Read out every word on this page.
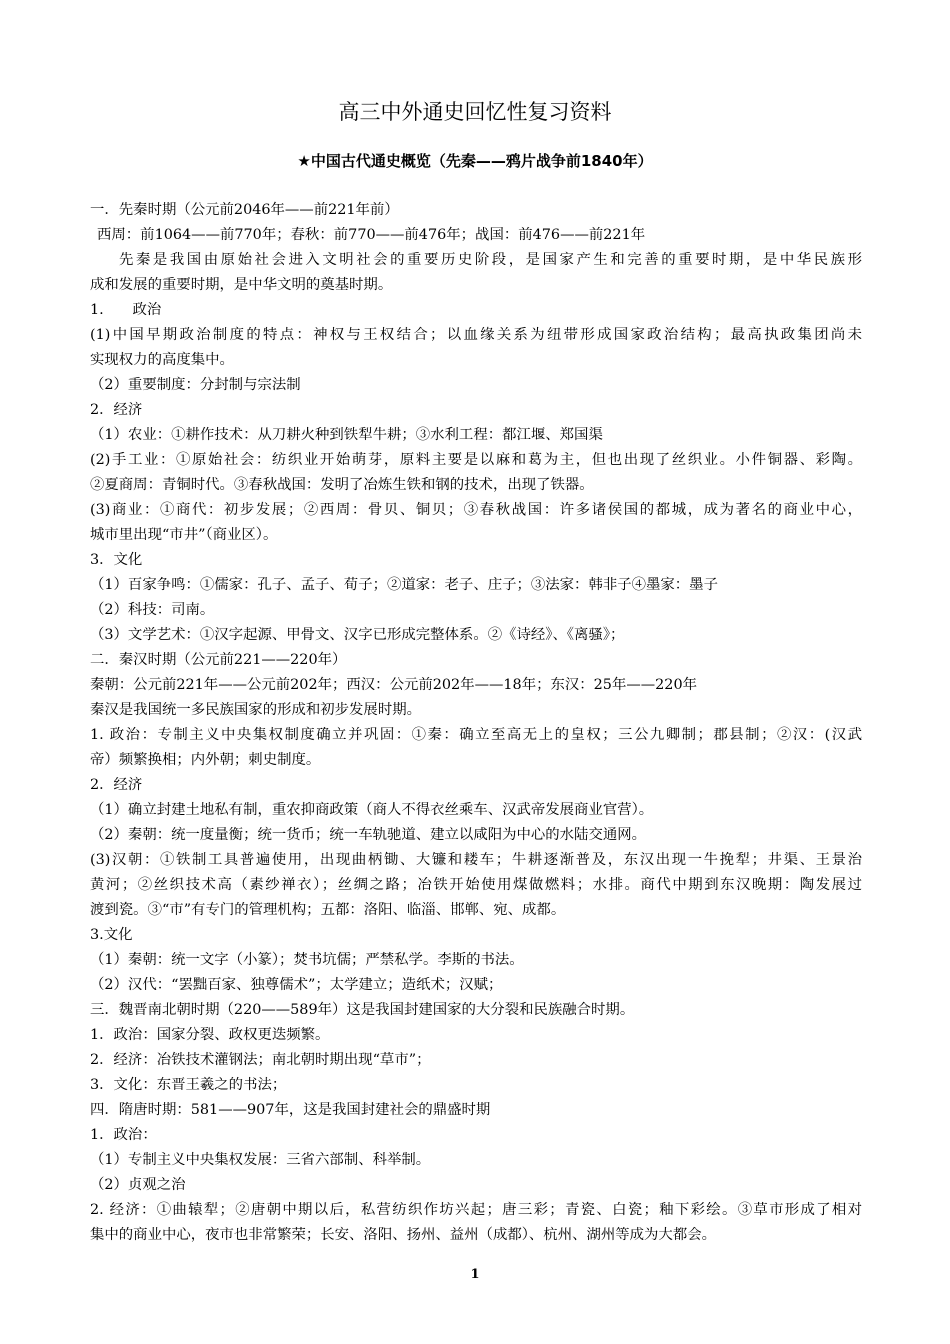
高三中外通史回忆性复习资料
★中国古代通史概览（先秦——鸦片战争前1840年）
一．先秦时期（公元前2046年——前221年前）
西周：前1064——前770年；春秋：前770——前476年；战国：前476——前221年
先秦是我国由原始社会进入文明社会的重要历史阶段，是国家产生和完善的重要时期，是中华民族形
成和发展的重要时期，是中华文明的奠基时期。
1.　　政治
(1)中国早期政治制度的特点：神权与王权结合；以血缘关系为纽带形成国家政治结构；最高执政集团尚未
实现权力的高度集中。
（2）重要制度：分封制与宗法制
2．经济
（1）农业：①耕作技术：从刀耕火种到铁犁牛耕；③水利工程：都江堰、郑国渠
(2)手工业：①原始社会：纺织业开始萌芽，原料主要是以麻和葛为主，但也出现了丝织业。小件铜器、彩陶。
②夏商周：青铜时代。③春秋战国：发明了冶炼生铁和钢的技术，出现了铁器。
(3)商业：①商代：初步发展；②西周：骨贝、铜贝；③春秋战国：许多诸侯国的都城，成为著名的商业中心，
城市里出现“市井”（商业区）。
3．文化
（1）百家争鸣：①儒家：孔子、孟子、荀子；②道家：老子、庄子；③法家：韩非子④墨家：墨子
（2）科技：司南。
（3）文学艺术：①汉字起源、甲骨文、汉字已形成完整体系。②《诗经》、《离骚》；
二．秦汉时期（公元前221——220年）
秦朝：公元前221年——公元前202年；西汉：公元前202年——18年；东汉：25年——220年
秦汉是我国统一多民族国家的形成和初步发展时期。
1. 政治：专制主义中央集权制度确立并巩固：①秦：确立至高无上的皇权；三公九卿制；郡县制；②汉：(汉武
帝）频繁换相；内外朝；刺史制度。
2．经济
（1）确立封建土地私有制，重农抑商政策（商人不得衣丝乘车、汉武帝发展商业官营）。
（2）秦朝：统一度量衡；统一货币；统一车轨驰道、建立以咸阳为中心的水陆交通网。
(3)汉朝：①铁制工具普遍使用，出现曲柄锄、大镰和耧车；牛耕逐渐普及，东汉出现一牛挽犁；井渠、王景治
黄河；②丝织技术高（素纱禅衣）；丝绸之路；冶铁开始使用煤做燃料；水排。商代中期到东汉晚期：陶发展过
渡到瓷。③“市”有专门的管理机构；五都：洛阳、临淄、邯郸、宛、成都。
3.文化
（1）秦朝：统一文字（小篆）；焚书坑儒；严禁私学。李斯的书法。
（2）汉代：“罢黜百家、独尊儒术”；太学建立；造纸术；汉赋；
三．魏晋南北朝时期（220——589年）这是我国封建国家的大分裂和民族融合时期。
1．政治：国家分裂、政权更迭频繁。
2．经济：冶铁技术灌钢法；南北朝时期出现“草市”；
3．文化：东晋王羲之的书法；
四．隋唐时期：581——907年，这是我国封建社会的鼎盛时期
1．政治：
（1）专制主义中央集权发展：三省六部制、科举制。
（2）贞观之治
2. 经济：①曲辕犁；②唐朝中期以后，私营纺织作坊兴起；唐三彩；青瓷、白瓷；釉下彩绘。③草市形成了相对
集中的商业中心，夜市也非常繁荣；长安、洛阳、扬州、益州（成都）、杭州、湖州等成为大都会。
1
